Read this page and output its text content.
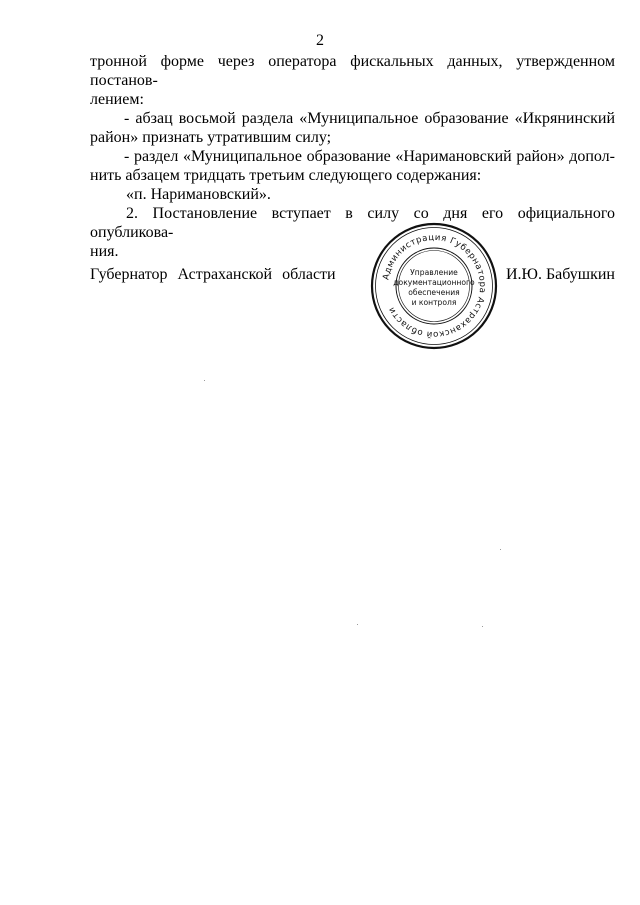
2

тронной форме через оператора фискальных данных, утвержденном постанов-

лением:

- абзац восьмой раздела «Муниципальное образование «Икрянинский

район» признать утратившим силу;

- раздел «Муниципальное образование «Наримановский район» допол-

нить абзацем тридцать третьим следующего содержания:

«п. Наримановский».

2. Постановление вступает в силу со дня его официального опубликова-

ния.

Губернатор Астраханской области	И.Ю. Бабушкин
Администрация Губернатора Астраханской области
Управление
документационного
обеспечения
и контроля
